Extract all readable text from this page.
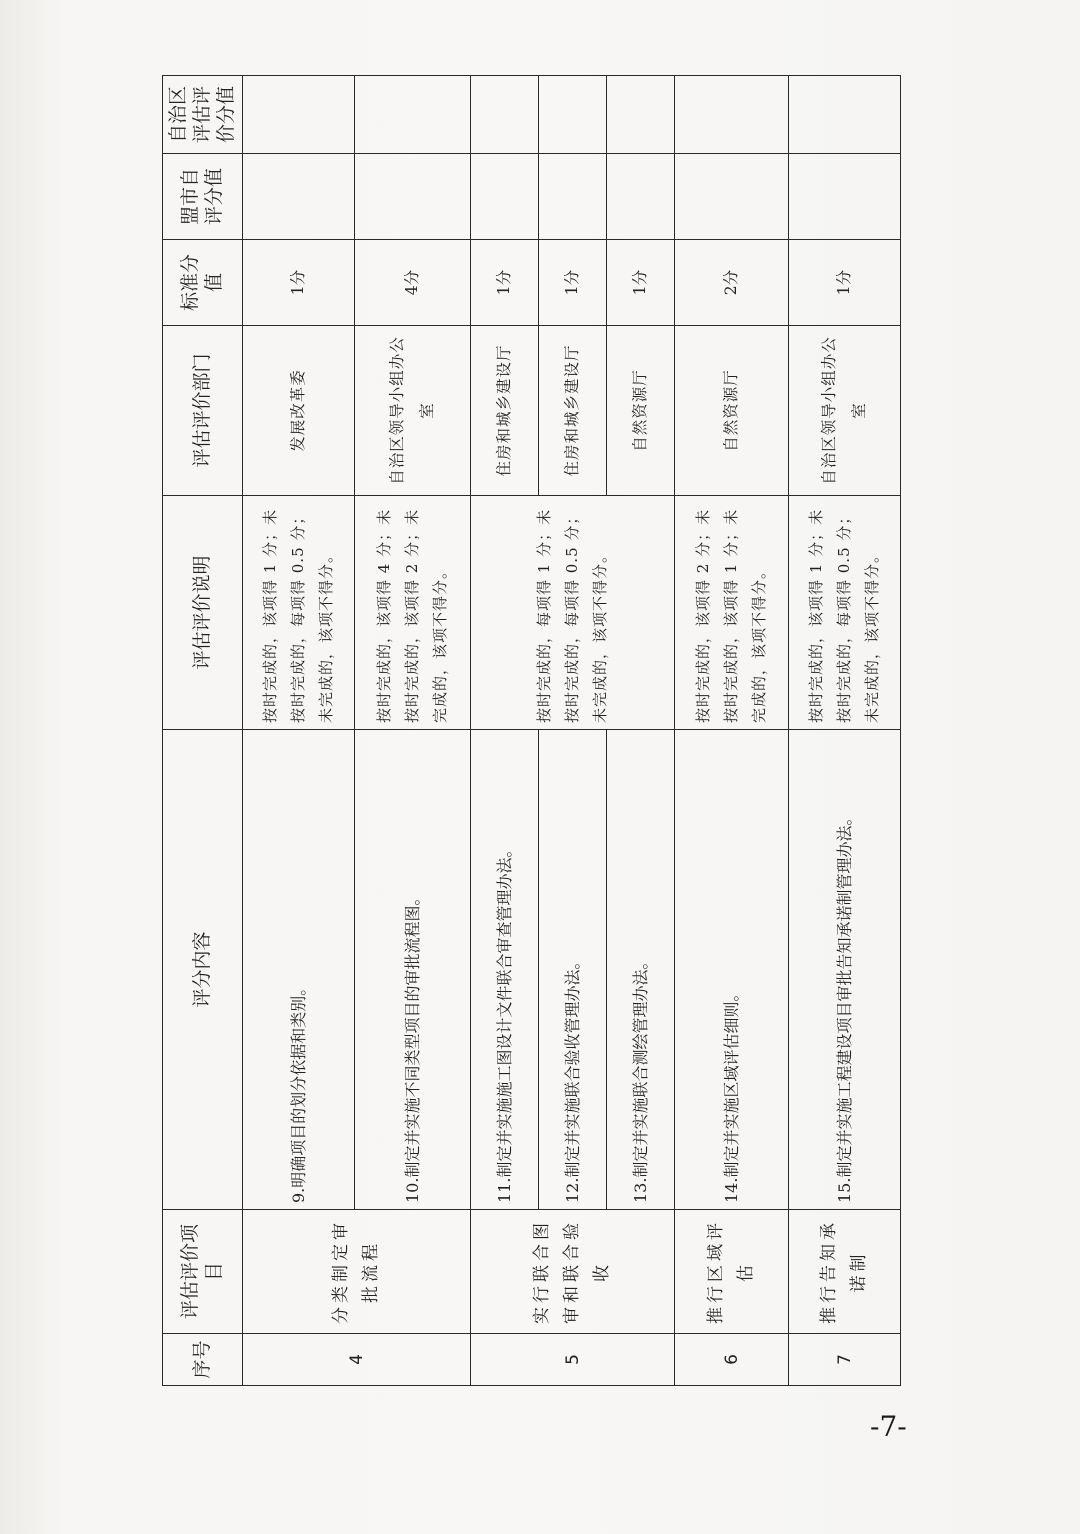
序号	评估评价项目	评分内容	评估评价说明	评估评价部门	标准分值	盟市自评分值	自治区评估评价分值
4	分类制定审批流程	9.明确项目的划分依据和类别。	按时完成的，该项得 1 分；未按时完成的，每项得 0.5 分；未完成的，该项不得分。	发展改革委	1分		
		10.制定并实施不同类型项目的审批流程图。	按时完成的，该项得 4 分；未按时完成的，该项得 2 分；未完成的，该项不得分。	自治区领导小组办公室	4分		
5	实行联合图审和联合验收	11.制定并实施施工图设计文件联合审查管理办法。	按时完成的，每项得 1 分；未按时完成的，每项得 0.5 分；未完成的，该项不得分。	住房和城乡建设厅	1分		
		12.制定并实施联合验收管理办法。		住房和城乡建设厅	1分		
		13.制定并实施联合测绘管理办法。		自然资源厅	1分		
6	推行区域评估	14.制定并实施区域评估细则。	按时完成的，该项得 2 分；未按时完成的，该项得 1 分；未完成的，该项不得分。	自然资源厅	2分		
7	推行告知承诺制	15.制定并实施工程建设项目审批告知承诺制管理办法。	按时完成的，该项得 1 分；未按时完成的，每项得 0.5 分；未完成的，该项不得分。	自治区领导小组办公室	1分		
-7-
